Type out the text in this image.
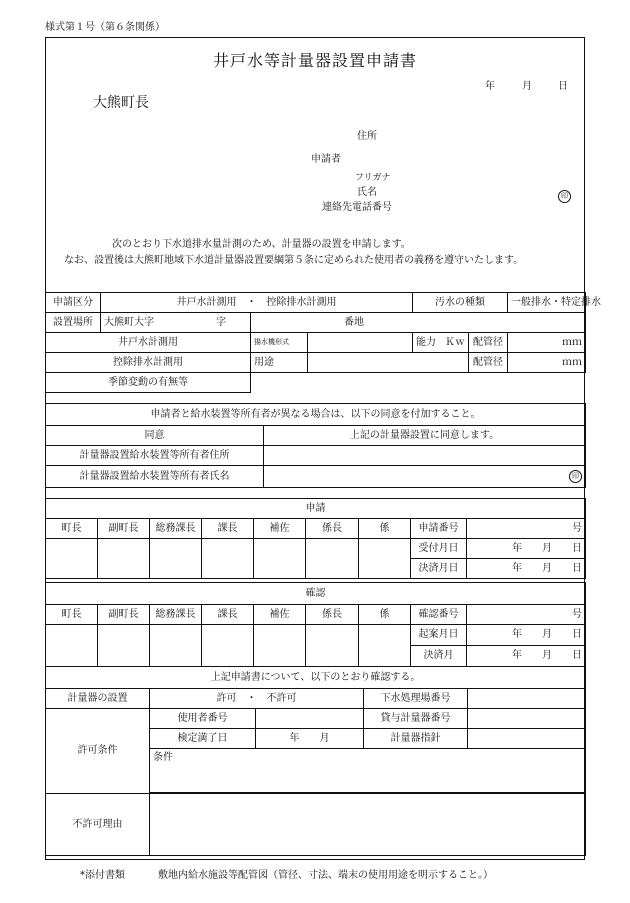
様式第１号（第６条関係）
井戸水等計量器設置申請書
年	月	日
大熊町長
住所
申請者
フリガナ
氏名	印
連絡先電話番号
次のとおり下水道排水量計測のため、計量器の設置を申請します。
なお、設置後は大熊町地域下水道計量器設置要綱第５条に定められた使用者の義務を遵守いたします。
申請区分	井戸水計測用　・　控除排水計測用			汚水の種類		一般排水・特定排水
設置場所	大熊町大字 字	番地				
井戸水計測用		揚水機形式		能力 Ｋｗ	配管径	ｍｍ
控除排水計測用		用途			配管径	ｍｍ
季節変動の有無等						
申請者と給水装置等所有者が異なる場合は、以下の同意を付加すること。	
同意	上記の計量器設置に同意します。
計量器設置給水装置等所有者住所	
計量器設置給水装置等所有者氏名	印
申請								
町長	副町長	総務課長	課長	補佐	係長	係	申請番号	号
							受付月日	年　　 月　　 日
							決済月日	年　　 月　　 日
確認								
町長	副町長	総務課長	課長	補佐	係長	係	確認番号	号
							起案月日	年　　 月　　 日
							決済月	年　　 月　　 日
上記申請書について、以下のとおり確認する。				
計量器の設置	許可　・　不許可		下水処理場番号	
許可条件	使用者番号		貸与計量器番号	
	検定満了日	年　　 月	計量器指針	
	条件			

不許可理由				
*添付書類	敷地内給水施設等配管図（管径、寸法、端末の使用用途を明示すること。）
